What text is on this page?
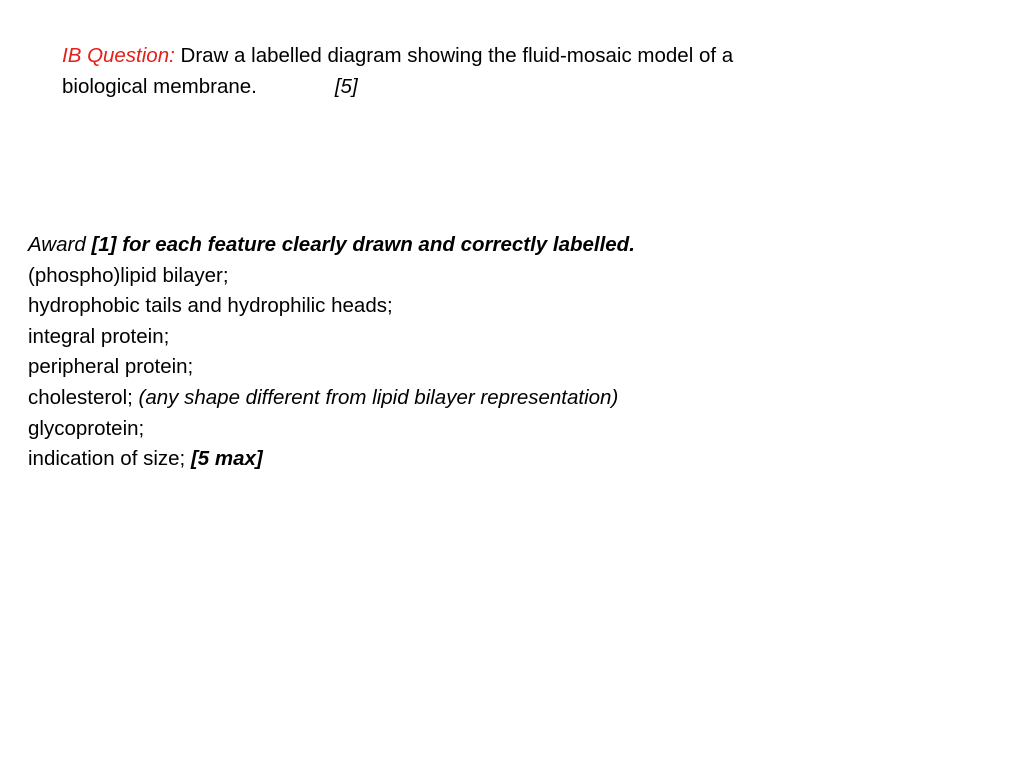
IB Question: Draw a labelled diagram showing the fluid-mosaic model of a
biological membrane.	[5]
Award [1] for each feature clearly drawn and correctly labelled.
(phospho)lipid bilayer;
hydrophobic tails and hydrophilic heads;
integral protein;
peripheral protein;
cholesterol; (any shape different from lipid bilayer representation)
glycoprotein;
indication of size; [5 max]
